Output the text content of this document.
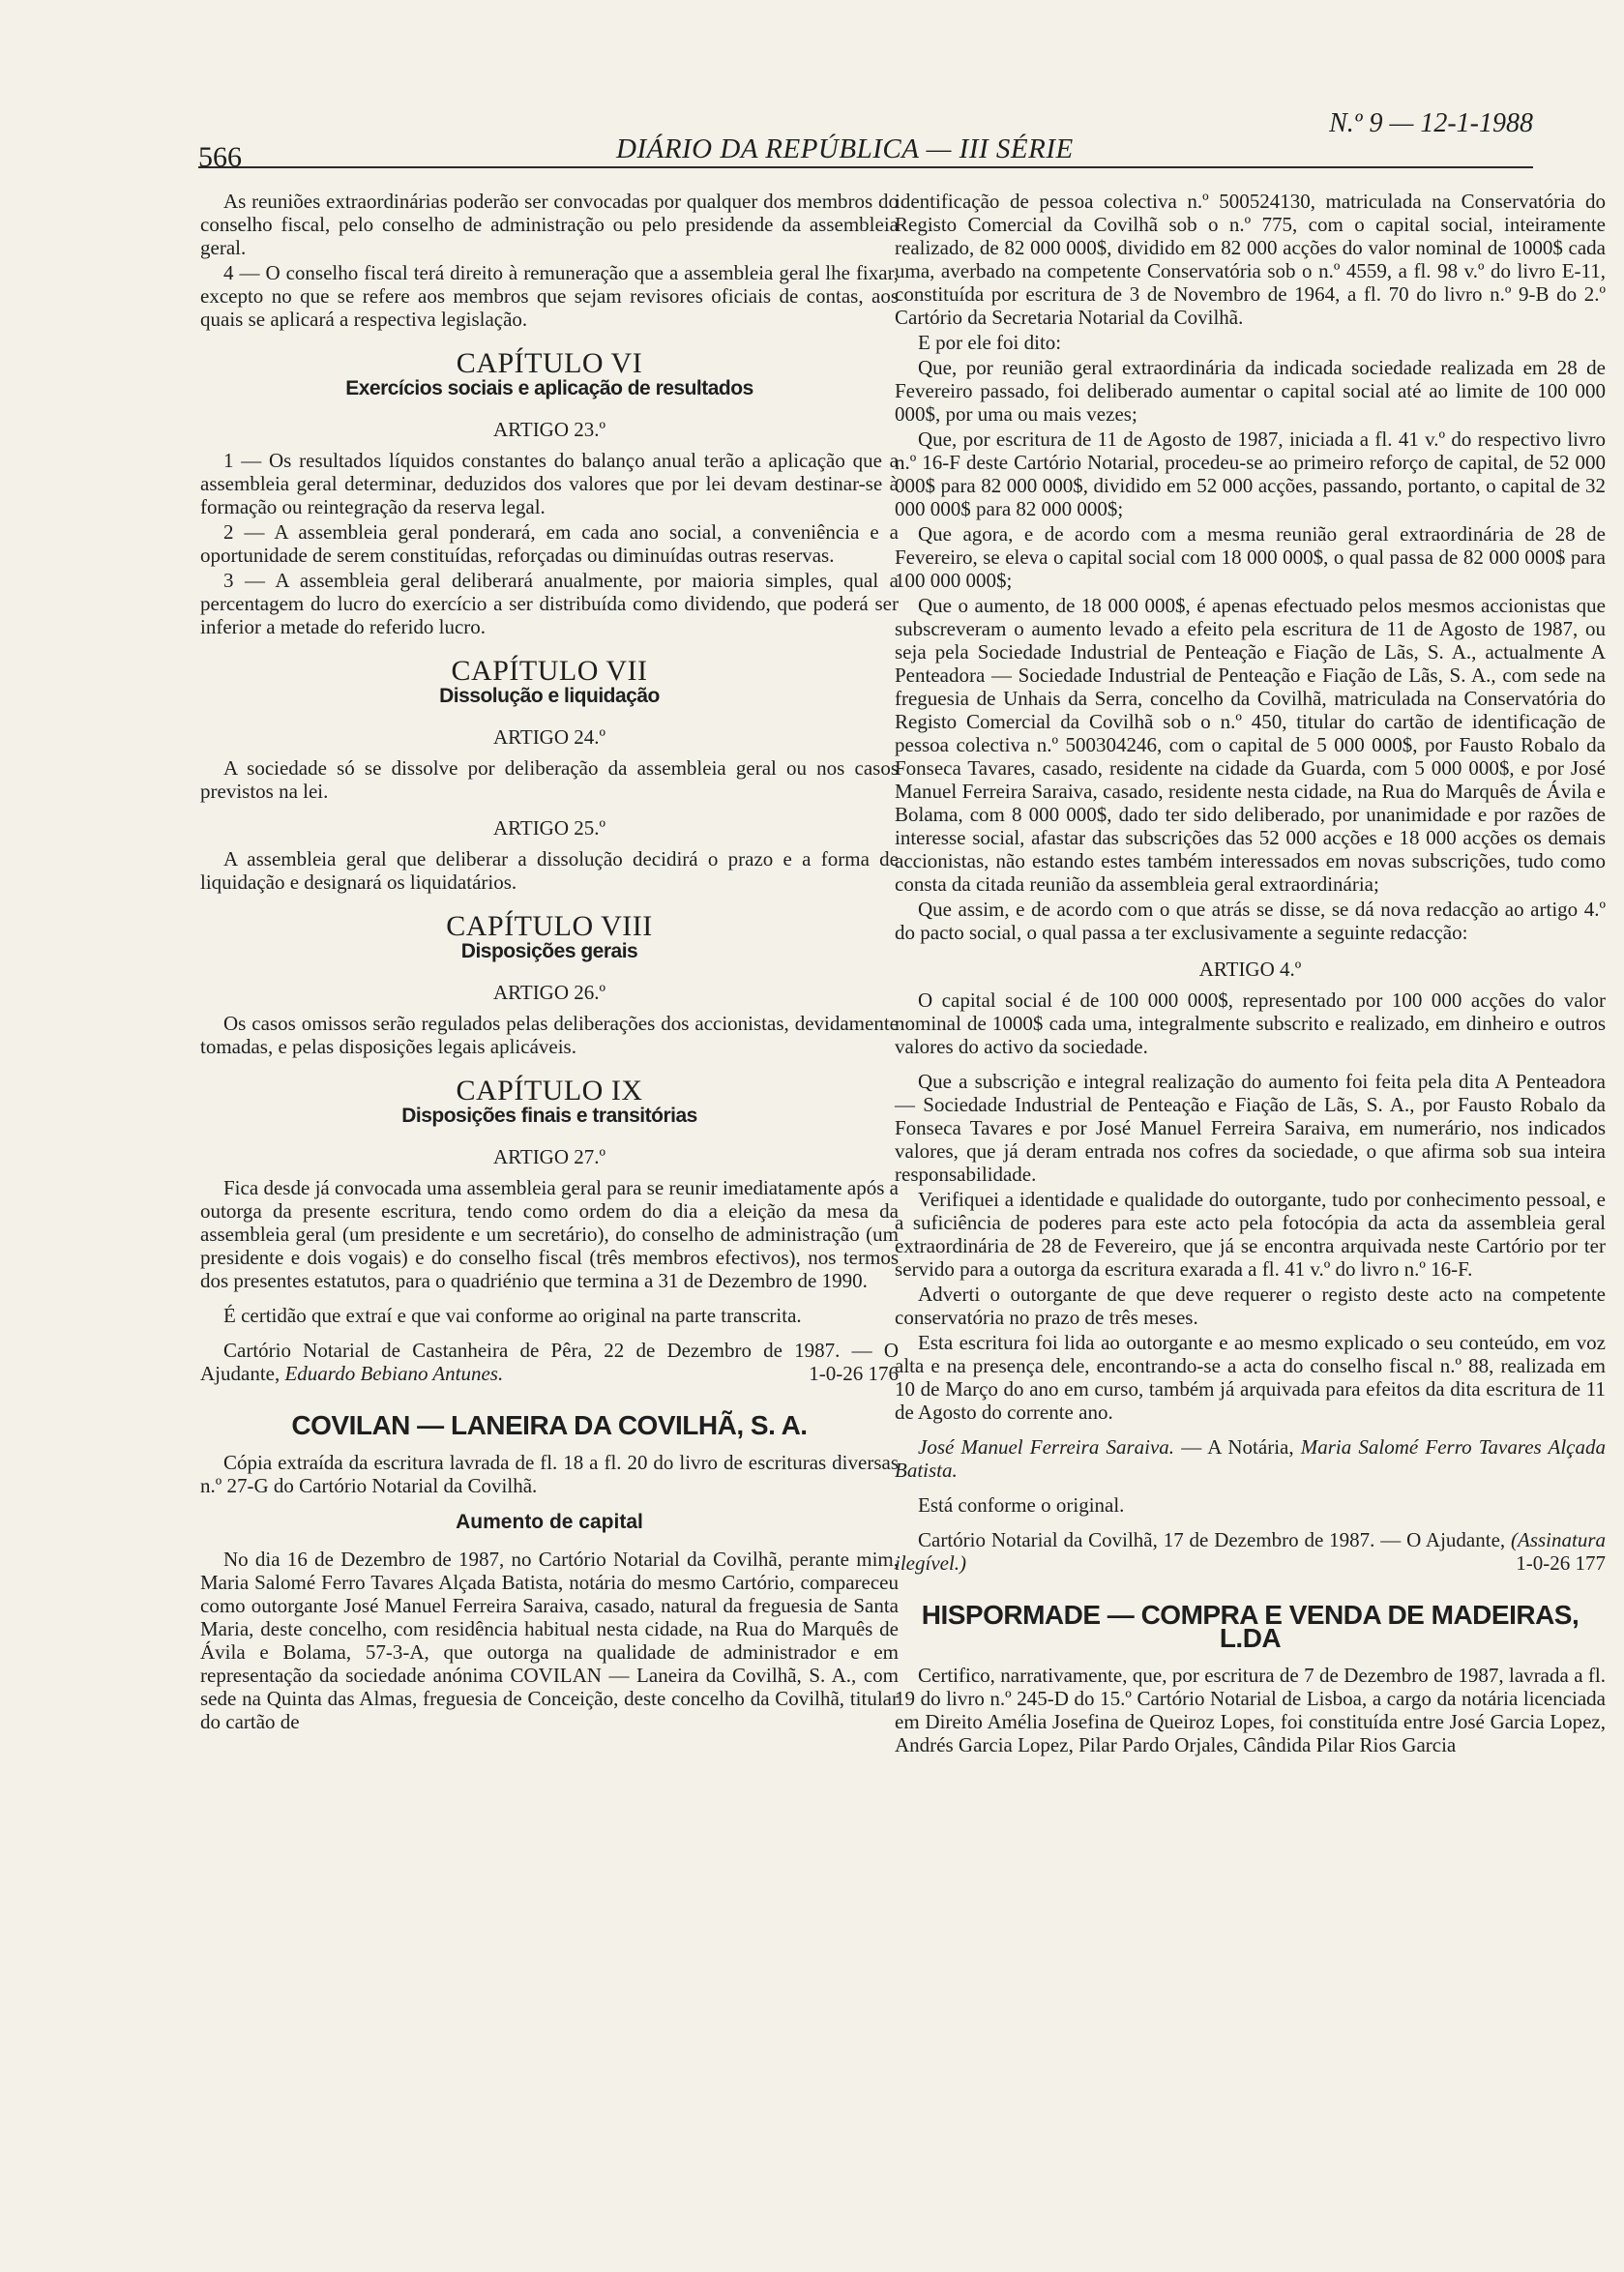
566	DIÁRIO DA REPÚBLICA — III SÉRIE
N.º 9 — 12-1-1988

As reuniões extraordinárias poderão ser convocadas por qualquer dos membros do conselho fiscal, pelo conselho de administração ou pelo presidende da assembleia geral.

4 — O conselho fiscal terá direito à remuneração que a assembleia geral lhe fixar, excepto no que se refere aos membros que sejam revisores oficiais de contas, aos quais se aplicará a respectiva legislação.

CAPÍTULO VI
Exercícios sociais e aplicação de resultados
ARTIGO 23.º

1 — Os resultados líquidos constantes do balanço anual terão a aplicação que a assembleia geral determinar, deduzidos dos valores que por lei devam destinar-se à formação ou reintegração da reserva legal.

2 — A assembleia geral ponderará, em cada ano social, a conveniência e a oportunidade de serem constituídas, reforçadas ou diminuídas outras reservas.

3 — A assembleia geral deliberará anualmente, por maioria simples, qual a percentagem do lucro do exercício a ser distribuída como dividendo, que poderá ser inferior a metade do referido lucro.

CAPÍTULO VII
Dissolução e liquidação
ARTIGO 24.º

A sociedade só se dissolve por deliberação da assembleia geral ou nos casos previstos na lei.

ARTIGO 25.º

A assembleia geral que deliberar a dissolução decidirá o prazo e a forma de liquidação e designará os liquidatários.

CAPÍTULO VIII
Disposições gerais
ARTIGO 26.º

Os casos omissos serão regulados pelas deliberações dos accionistas, devidamente tomadas, e pelas disposições legais aplicáveis.

CAPÍTULO IX
Disposições finais e transitórias
ARTIGO 27.º

Fica desde já convocada uma assembleia geral para se reunir imediatamente após a outorga da presente escritura, tendo como ordem do dia a eleição da mesa da assembleia geral (um presidente e um secretário), do conselho de administração (um presidente e dois vogais) e do conselho fiscal (três membros efectivos), nos termos dos presentes estatutos, para o quadriénio que termina a 31 de Dezembro de 1990.

É certidão que extraí e que vai conforme ao original na parte transcrita.

Cartório Notarial de Castanheira de Pêra, 22 de Dezembro de 1987. — O Ajudante, Eduardo Bebiano Antunes.	1-0-26 176

COVILAN — LANEIRA DA COVILHÃ, S. A.

Cópia extraída da escritura lavrada de fl. 18 a fl. 20 do livro de escrituras diversas n.º 27-G do Cartório Notarial da Covilhã.

Aumento de capital

No dia 16 de Dezembro de 1987, no Cartório Notarial da Covilhã, perante mim, Maria Salomé Ferro Tavares Alçada Batista, notária do mesmo Cartório, compareceu como outorgante José Manuel Ferreira Saraiva, casado, natural da freguesia de Santa Maria, deste concelho, com residência habitual nesta cidade, na Rua do Marquês de Ávila e Bolama, 57-3-A, que outorga na qualidade de administrador e em representação da sociedade anónima COVILAN — Laneira da Covilhã, S. A., com sede na Quinta das Almas, freguesia de Conceição, deste concelho da Covilhã, titular do cartão de

identificação de pessoa colectiva n.º 500524130, matriculada na Conservatória do Registo Comercial da Covilhã sob o n.º 775, com o capital social, inteiramente realizado, de 82 000 000$, dividido em 82 000 acções do valor nominal de 1000$ cada uma, averbado na competente Conservatória sob o n.º 4559, a fl. 98 v.º do livro E-11, constituída por escritura de 3 de Novembro de 1964, a fl. 70 do livro n.º 9-B do 2.º Cartório da Secretaria Notarial da Covilhã.

E por ele foi dito:

Que, por reunião geral extraordinária da indicada sociedade realizada em 28 de Fevereiro passado, foi deliberado aumentar o capital social até ao limite de 100 000 000$, por uma ou mais vezes;

Que, por escritura de 11 de Agosto de 1987, iniciada a fl. 41 v.º do respectivo livro n.º 16-F deste Cartório Notarial, procedeu-se ao primeiro reforço de capital, de 52 000 000$ para 82 000 000$, dividido em 52 000 acções, passando, portanto, o capital de 32 000 000$ para 82 000 000$;

Que agora, e de acordo com a mesma reunião geral extraordinária de 28 de Fevereiro, se eleva o capital social com 18 000 000$, o qual passa de 82 000 000$ para 100 000 000$;

Que o aumento, de 18 000 000$, é apenas efectuado pelos mesmos accionistas que subscreveram o aumento levado a efeito pela escritura de 11 de Agosto de 1987, ou seja pela Sociedade Industrial de Penteação e Fiação de Lãs, S. A., actualmente A Penteadora — Sociedade Industrial de Penteação e Fiação de Lãs, S. A., com sede na freguesia de Unhais da Serra, concelho da Covilhã, matriculada na Conservatória do Registo Comercial da Covilhã sob o n.º 450, titular do cartão de identificação de pessoa colectiva n.º 500304246, com o capital de 5 000 000$, por Fausto Robalo da Fonseca Tavares, casado, residente na cidade da Guarda, com 5 000 000$, e por José Manuel Ferreira Saraiva, casado, residente nesta cidade, na Rua do Marquês de Ávila e Bolama, com 8 000 000$, dado ter sido deliberado, por unanimidade e por razões de interesse social, afastar das subscrições das 52 000 acções e 18 000 acções os demais accionistas, não estando estes também interessados em novas subscrições, tudo como consta da citada reunião da assembleia geral extraordinária;

Que assim, e de acordo com o que atrás se disse, se dá nova redacção ao artigo 4.º do pacto social, o qual passa a ter exclusivamente a seguinte redacção:

ARTIGO 4.º

O capital social é de 100 000 000$, representado por 100 000 acções do valor nominal de 1000$ cada uma, integralmente subscrito e realizado, em dinheiro e outros valores do activo da sociedade.

Que a subscrição e integral realização do aumento foi feita pela dita A Penteadora — Sociedade Industrial de Penteação e Fiação de Lãs, S. A., por Fausto Robalo da Fonseca Tavares e por José Manuel Ferreira Saraiva, em numerário, nos indicados valores, que já deram entrada nos cofres da sociedade, o que afirma sob sua inteira responsabilidade.

Verifiquei a identidade e qualidade do outorgante, tudo por conhecimento pessoal, e a suficiência de poderes para este acto pela fotocópia da acta da assembleia geral extraordinária de 28 de Fevereiro, que já se encontra arquivada neste Cartório por ter servido para a outorga da escritura exarada a fl. 41 v.º do livro n.º 16-F.

Adverti o outorgante de que deve requerer o registo deste acto na competente conservatória no prazo de três meses.

Esta escritura foi lida ao outorgante e ao mesmo explicado o seu conteúdo, em voz alta e na presença dele, encontrando-se a acta do conselho fiscal n.º 88, realizada em 10 de Março do ano em curso, também já arquivada para efeitos da dita escritura de 11 de Agosto do corrente ano.

José Manuel Ferreira Saraiva. — A Notária, Maria Salomé Ferro Tavares Alçada Batista.

Está conforme o original.

Cartório Notarial da Covilhã, 17 de Dezembro de 1987. — O Ajudante, (Assinatura ilegível.)	1-0-26 177

HISPORMADE — COMPRA E VENDA DE MADEIRAS, L.DA

Certifico, narrativamente, que, por escritura de 7 de Dezembro de 1987, lavrada a fl. 19 do livro n.º 245-D do 15.º Cartório Notarial de Lisboa, a cargo da notária licenciada em Direito Amélia Josefina de Queiroz Lopes, foi constituída entre José Garcia Lopez, Andrés Garcia Lopez, Pilar Pardo Orjales, Cândida Pilar Rios Garcia
